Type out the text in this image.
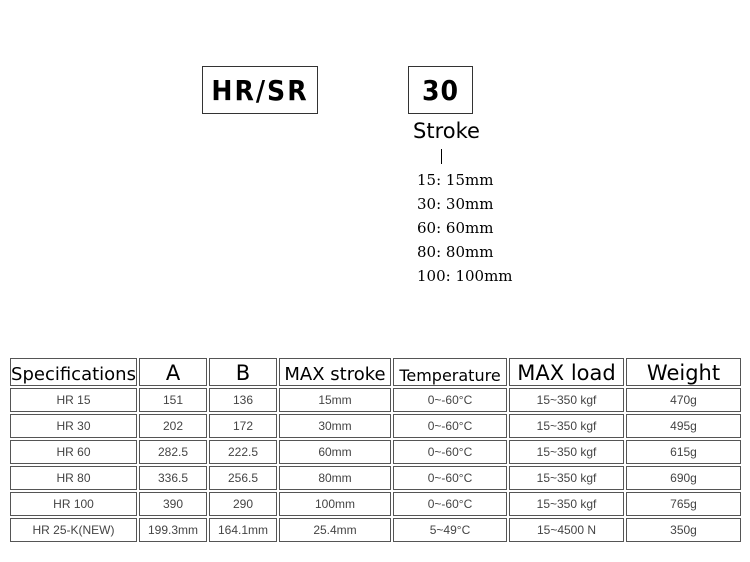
HR/SR	30
Stroke
15: 15mm
30: 30mm
60: 60mm
80: 80mm
100: 100mm
Specifications	A	B	MAX stroke	Temperature	MAX load	Weight
HR 15	151	136	15mm	0~-60°C	15~350 kgf	470g
HR 30	202	172	30mm	0~-60°C	15~350 kgf	495g
HR 60	282.5	222.5	60mm	0~-60°C	15~350 kgf	615g
HR 80	336.5	256.5	80mm	0~-60°C	15~350 kgf	690g
HR 100	390	290	100mm	0~-60°C	15~350 kgf	765g
HR 25-K(NEW)	199.3mm	164.1mm	25.4mm	5~49°C	15~4500 N	350g
